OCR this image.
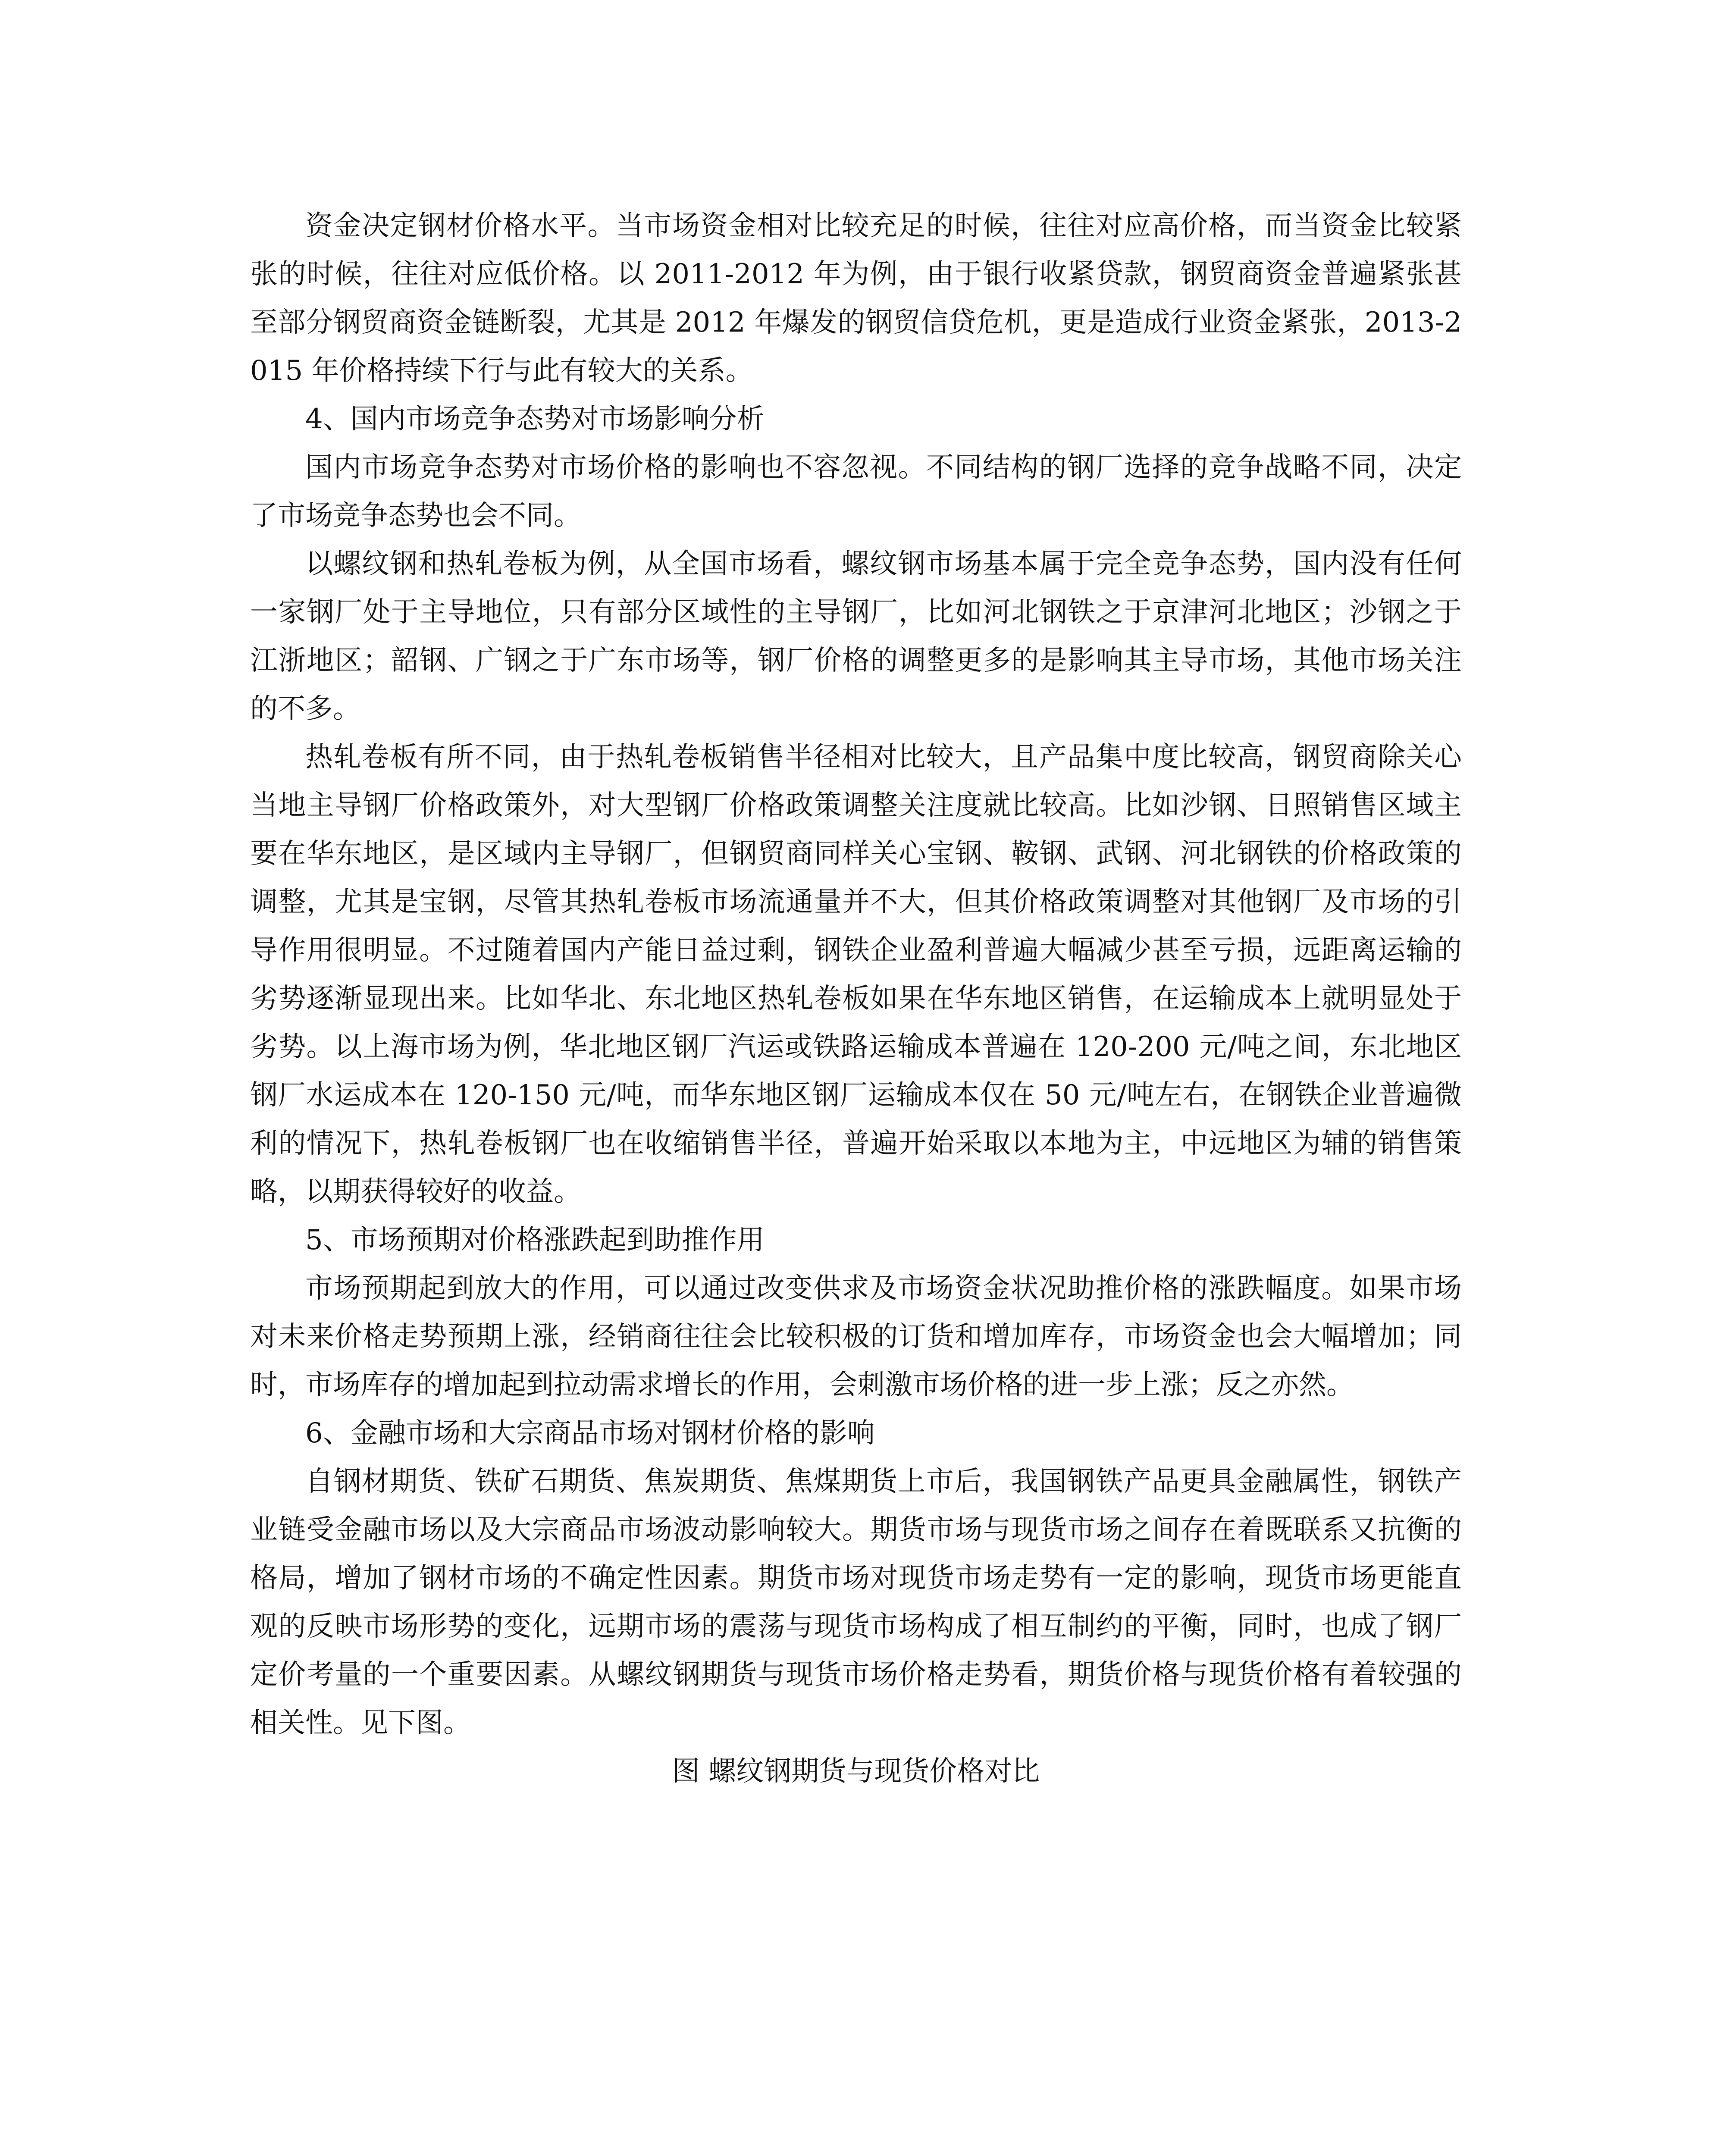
资金决定钢材价格水平。当市场资金相对比较充足的时候，往往对应高价格，而当资金比较紧张的时候，往往对应低价格。以 2011-2012 年为例，由于银行收紧贷款，钢贸商资金普遍紧张甚至部分钢贸商资金链断裂，尤其是 2012 年爆发的钢贸信贷危机，更是造成行业资金紧张，2013-2015 年价格持续下行与此有较大的关系。

4、国内市场竞争态势对市场影响分析

国内市场竞争态势对市场价格的影响也不容忽视。不同结构的钢厂选择的竞争战略不同，决定了市场竞争态势也会不同。

以螺纹钢和热轧卷板为例，从全国市场看，螺纹钢市场基本属于完全竞争态势，国内没有任何一家钢厂处于主导地位，只有部分区域性的主导钢厂，比如河北钢铁之于京津河北地区；沙钢之于江浙地区；韶钢、广钢之于广东市场等，钢厂价格的调整更多的是影响其主导市场，其他市场关注的不多。

热轧卷板有所不同，由于热轧卷板销售半径相对比较大，且产品集中度比较高，钢贸商除关心当地主导钢厂价格政策外，对大型钢厂价格政策调整关注度就比较高。比如沙钢、日照销售区域主要在华东地区，是区域内主导钢厂，但钢贸商同样关心宝钢、鞍钢、武钢、河北钢铁的价格政策的调整，尤其是宝钢，尽管其热轧卷板市场流通量并不大，但其价格政策调整对其他钢厂及市场的引导作用很明显。不过随着国内产能日益过剩，钢铁企业盈利普遍大幅减少甚至亏损，远距离运输的劣势逐渐显现出来。比如华北、东北地区热轧卷板如果在华东地区销售，在运输成本上就明显处于劣势。以上海市场为例，华北地区钢厂汽运或铁路运输成本普遍在 120-200 元/吨之间，东北地区钢厂水运成本在 120-150 元/吨，而华东地区钢厂运输成本仅在 50 元/吨左右，在钢铁企业普遍微利的情况下，热轧卷板钢厂也在收缩销售半径，普遍开始采取以本地为主，中远地区为辅的销售策略，以期获得较好的收益。

5、市场预期对价格涨跌起到助推作用

市场预期起到放大的作用，可以通过改变供求及市场资金状况助推价格的涨跌幅度。如果市场对未来价格走势预期上涨，经销商往往会比较积极的订货和增加库存，市场资金也会大幅增加；同时，市场库存的增加起到拉动需求增长的作用，会刺激市场价格的进一步上涨；反之亦然。

6、金融市场和大宗商品市场对钢材价格的影响

自钢材期货、铁矿石期货、焦炭期货、焦煤期货上市后，我国钢铁产品更具金融属性，钢铁产业链受金融市场以及大宗商品市场波动影响较大。期货市场与现货市场之间存在着既联系又抗衡的格局，增加了钢材市场的不确定性因素。期货市场对现货市场走势有一定的影响，现货市场更能直观的反映市场形势的变化，远期市场的震荡与现货市场构成了相互制约的平衡，同时，也成了钢厂定价考量的一个重要因素。从螺纹钢期货与现货市场价格走势看，期货价格与现货价格有着较强的相关性。见下图。

图 螺纹钢期货与现货价格对比
